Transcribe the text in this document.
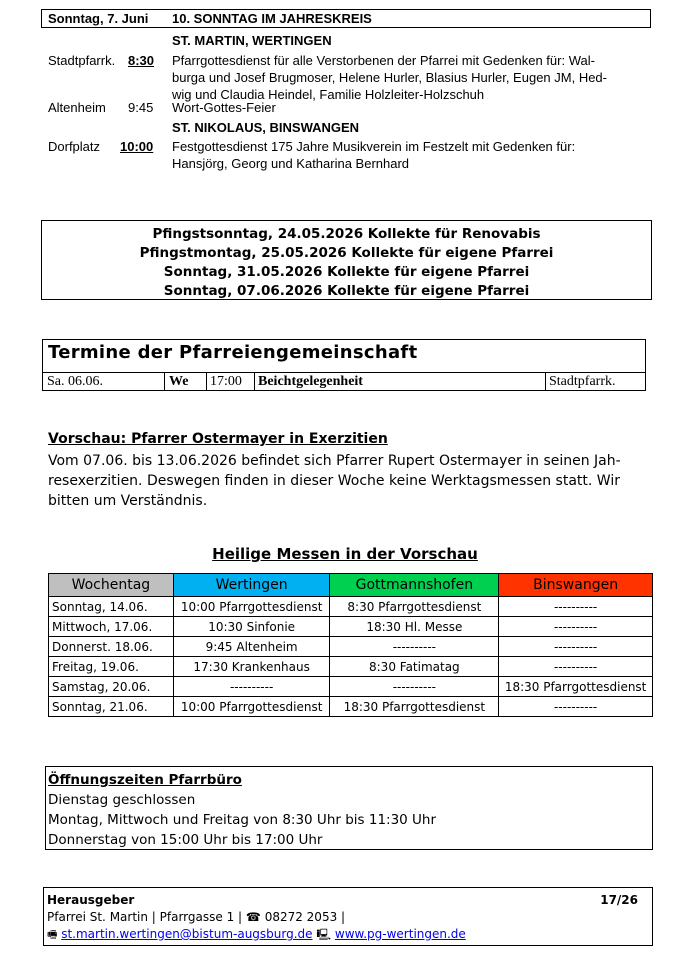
Sonntag, 7. Juni 10. SONNTAG IM JAHRESKREIS
ST. MARTIN, WERTINGEN
Stadtpfarrk. 8:30 Pfarrgottesdienst für alle Verstorbenen der Pfarrei mit Gedenken für: Wal-
burga und Josef Brugmoser, Helene Hurler, Blasius Hurler, Eugen JM, Hed-
wig und Claudia Heindel, Familie Holzleiter-Holzschuh
Altenheim 9:45 Wort-Gottes-Feier
ST. NIKOLAUS, BINSWANGEN
Dorfplatz 10:00 Festgottesdienst 175 Jahre Musikverein im Festzelt mit Gedenken für:
Hansjörg, Georg und Katharina Bernhard
Pfingstsonntag, 24.05.2026 Kollekte für Renovabis
Pfingstmontag, 25.05.2026 Kollekte für eigene Pfarrei
Sonntag, 31.05.2026 Kollekte für eigene Pfarrei
Sonntag, 07.06.2026 Kollekte für eigene Pfarrei
Termine der Pfarreiengemeinschaft
Sa. 06.06.	We 17:00 Beichtgelegenheit	Stadtpfarrk.
Vorschau: Pfarrer Ostermayer in Exerzitien
Vom 07.06. bis 13.06.2026 befindet sich Pfarrer Rupert Ostermayer in seinen Jah-
resexerzitien. Deswegen finden in dieser Woche keine Werktagsmessen statt. Wir
bitten um Verständnis.
Heilige Messen in der Vorschau
Wochentag	Wertingen	Gottmannshofen	Binswangen
Sonntag, 14.06.	10:00 Pfarrgottesdienst	8:30 Pfarrgottesdienst	----------
Mittwoch, 17.06.	10:30 Sinfonie	18:30 Hl. Messe	----------
Donnerst. 18.06.	9:45 Altenheim	----------	----------
Freitag, 19.06.	17:30 Krankenhaus	8:30 Fatimatag	----------
Samstag, 20.06.	----------	----------	18:30 Pfarrgottesdienst
Sonntag, 21.06.	10:00 Pfarrgottesdienst	18:30 Pfarrgottesdienst	----------
Öffnungszeiten Pfarrbüro
Dienstag geschlossen
Montag, Mittwoch und Freitag von 8:30 Uhr bis 11:30 Uhr
Donnerstag von 15:00 Uhr bis 17:00 Uhr
Herausgeber	17/26
Pfarrei St. Martin | Pfarrgasse 1 | ☎ 08272 2053 |
🖷 st.martin.wertingen@bistum-augsburg.de 🖳 www.pg-wertingen.de
